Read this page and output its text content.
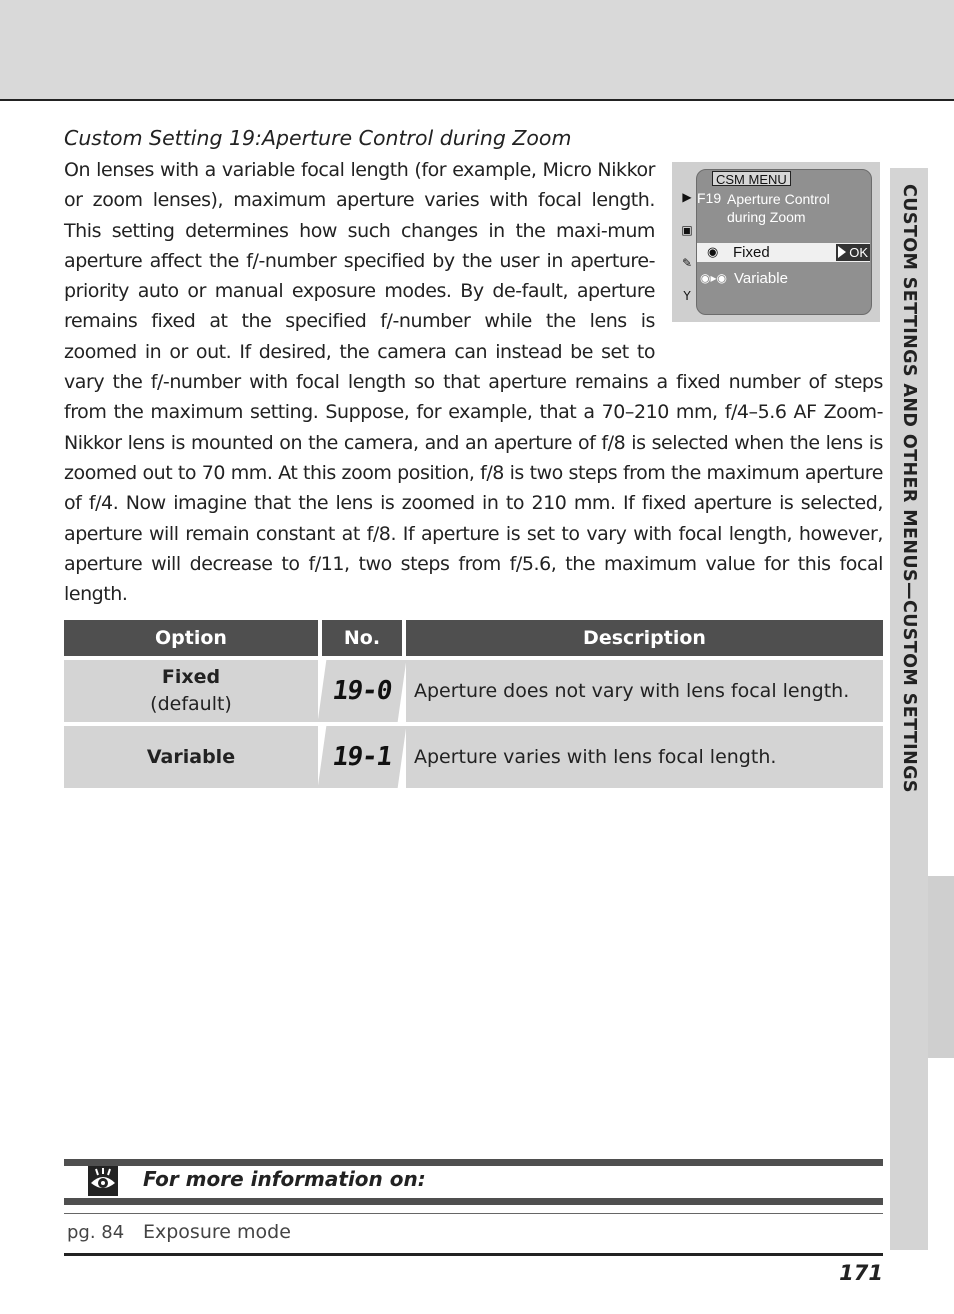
CUSTOM SETTINGS AND OTHER MENUS—CUSTOM SETTINGS
Custom Setting 19:Aperture Control during Zoom
▶
▣
✎
Y
CSM MENU
F19 Aperture Control
during Zoom
◉ Fixed	OK
◉▸◉ Variable
On lenses with a variable focal length (for example, Micro Nikkor or zoom lenses), maximum aperture varies with focal length. This setting determines how such changes in the maxi-mum aperture affect the f/-number specified by the user in aperture-priority auto or manual exposure modes. By de-fault, aperture remains fixed at the specified f/-number while the lens is zoomed in or out. If desired, the camera can instead be set to vary the f/-number with focal length so that aperture remains a fixed number of steps from the maximum setting. Suppose, for example, that a 70–210 mm, f/4–5.6 AF Zoom-Nikkor lens is mounted on the camera, and an aperture of f/8 is selected when the lens is zoomed out to 70 mm. At this zoom position, f/8 is two steps from the maximum aperture of f/4. Now imagine that the lens is zoomed in to 210 mm. If fixed aperture is selected, aperture will remain constant at f/8. If aperture is set to vary with focal length, however, aperture will decrease to f/11, two steps from f/5.6, the maximum value for this focal length.
Option	No.	Description
Fixed
(default)	19-0	Aperture does not vary with lens focal length.
Variable	19-1	Aperture varies with lens focal length.
For more information on:
pg. 84 Exposure mode
171
